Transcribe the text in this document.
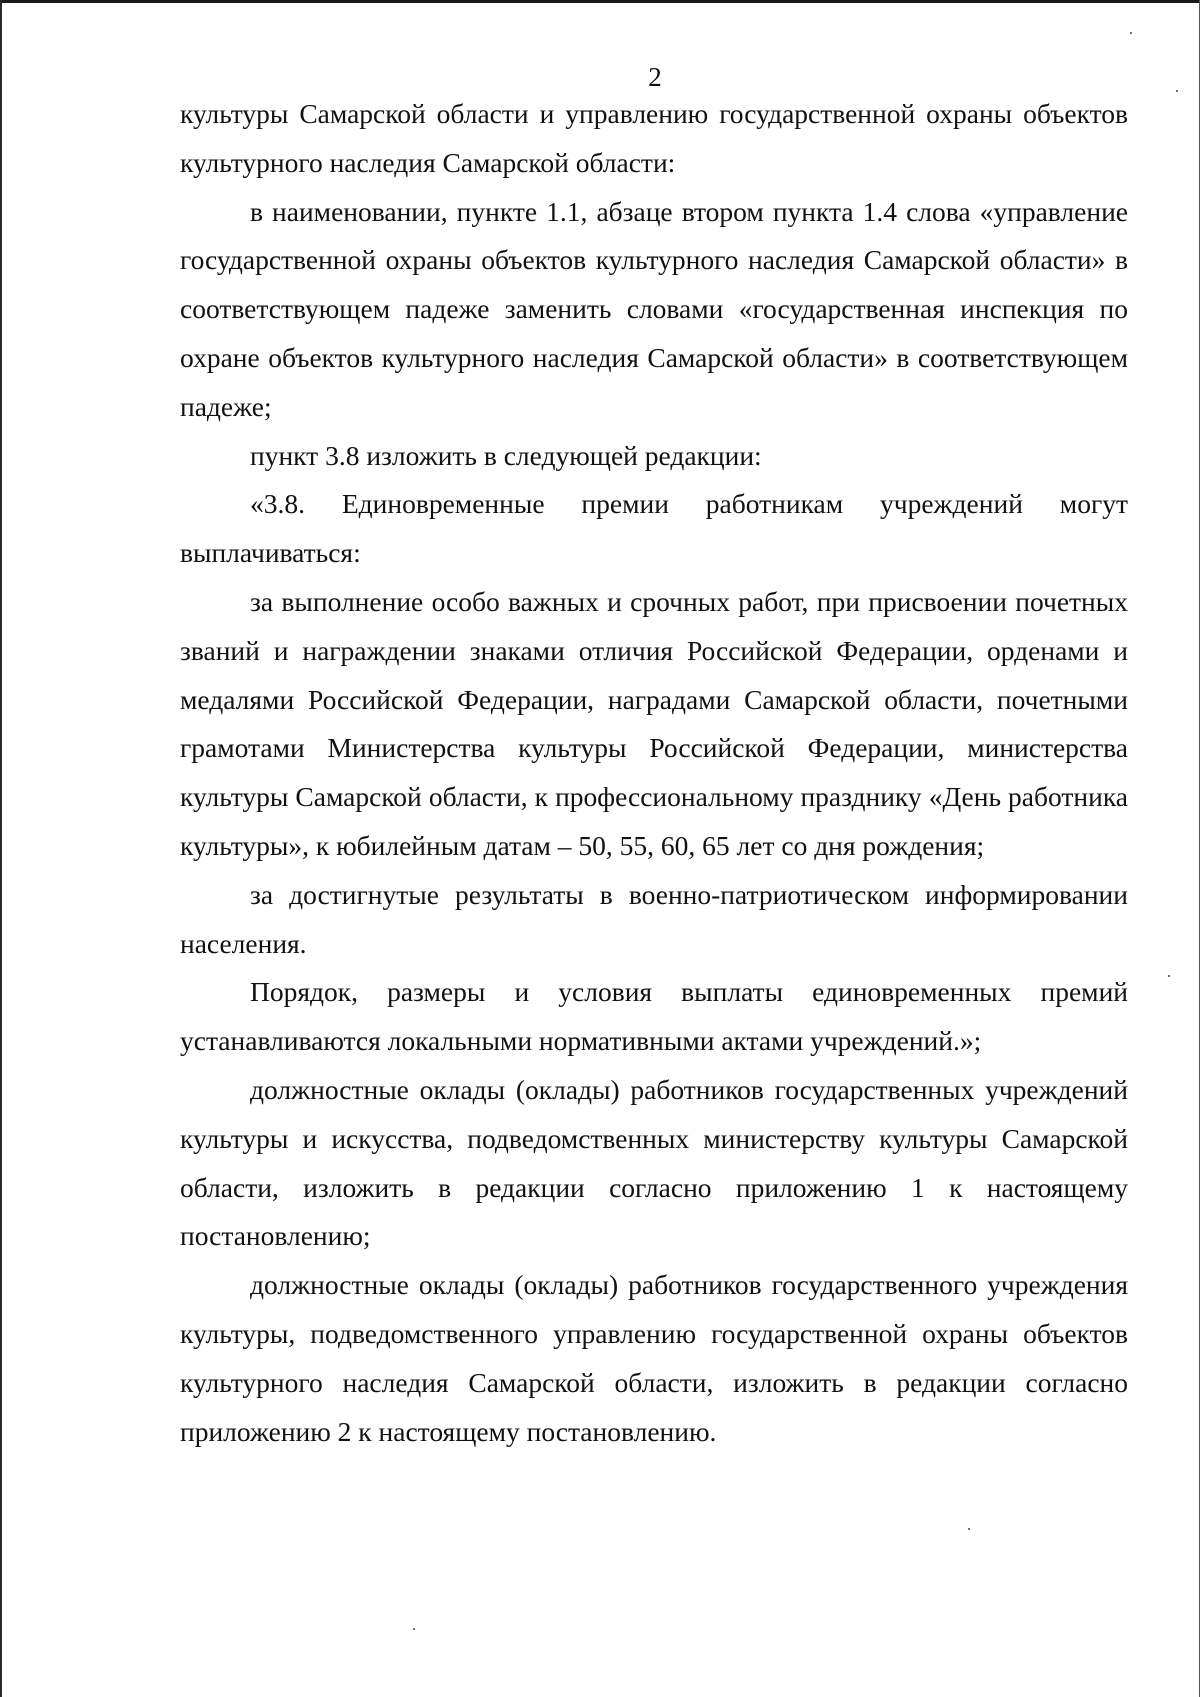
2

культуры Самарской области и управлению государственной охраны объектов культурного наследия Самарской области:

в наименовании, пункте 1.1, абзаце втором пункта 1.4 слова «управление государственной охраны объектов культурного наследия Самарской области» в соответствующем падеже заменить словами «государственная инспекция по охране объектов культурного наследия Самарской области» в соответствующем падеже;

пункт 3.8 изложить в следующей редакции:

«3.8. Единовременные премии работникам учреждений могут выплачиваться:

за выполнение особо важных и срочных работ, при присвоении почетных званий и награждении знаками отличия Российской Федерации, орденами и медалями Российской Федерации, наградами Самарской области, почетными грамотами Министерства культуры Российской Федерации, министерства культуры Самарской области, к профессиональному празднику «День работника культуры», к юбилейным датам – 50, 55, 60, 65 лет со дня рождения;

за достигнутые результаты в военно-патриотическом информировании населения.

Порядок, размеры и условия выплаты единовременных премий устанавливаются локальными нормативными актами учреждений.»;

должностные оклады (оклады) работников государственных учреждений культуры и искусства, подведомственных министерству культуры Самарской области, изложить в редакции согласно приложению 1 к настоящему постановлению;

должностные оклады (оклады) работников государственного учреждения культуры, подведомственного управлению государственной охраны объектов культурного наследия Самарской области, изложить в редакции согласно приложению 2 к настоящему постановлению.
